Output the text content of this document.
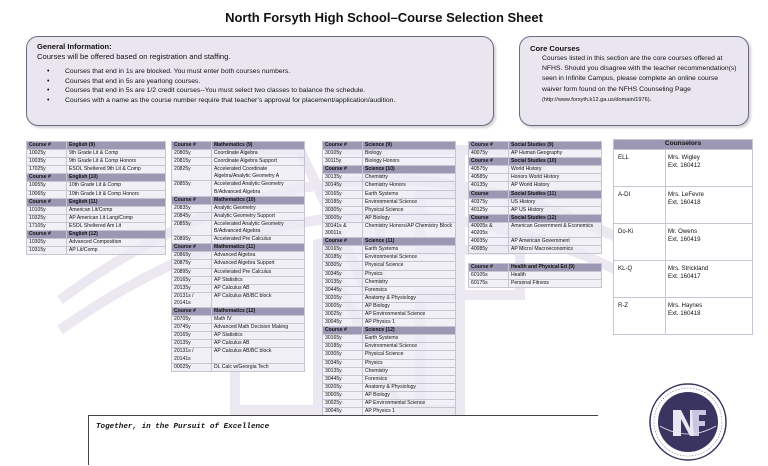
North Forsyth High School–Course Selection Sheet
General Information:
Courses will be offered based on registration and staffing.
• Courses that end in 1s are blocked. You must enter both courses numbers.
• Courses that end in 5s are yearlong courses.
• Courses that end in 5s are 1/2 credit courses--You must select two classes to balance the schedule.
• Courses with a name as the course number require that teacher’s approval for placement/application/audition.
Core Courses
Courses listed in this section are the core courses offered at NFHS. Should you disagree with the teacher recommendation(s) seen in Infinite Campus, please complete an online course waiver form found on the NFHS Counseling Page
(http://www.forsyth.k12.ga.us/domain/1976).
Course #	English (9)
10025y	9th Grade Lit & Comp
10035y	9th Grade Lit & Comp Honors
17025y	ESOL Sheltered 9th Lit & Comp
Course #	English (10)
10055y	10th Grade Lit & Comp
10065y	10th Grade Lit & Comp Honors
Course #	English (11)
10105y	American Lit/Comp
10325y	AP American Lit Lang/Comp
17105y	ESOL Sheltered Am Lit
Course #	English (12)
10305y	Advanced Composition
10315y	AP Lit/Comp
Course #	Mathematics (9)
20805y	Coordinate Algebra
20815y	Coordinate Algebra Support
20825y	Accelerated Coordinate Algebra/Analytic Geometry A
20855y	Accelerated Analytic Geometry B/Advanced Algebra
Course #	Mathematics (10)
20835y	Analytic Geometry
20845y	Analytic Geometry Support
20855y	Accelerated Analytic Geometry B/Advanced Algebra
20895y	Accelerated Pre Calculus
Course #	Mathematics (11)
20865y	Advanced Algebra
20875y	Advanced Algebra Support
20895y	Accelerated Pre Calculus
20165y	AP Statistics
20135y	AP Calculus AB
20131s / 20141s	AP Calculus AB/BC block
Course #	Mathematics (12)
20705y	Math IV
20745y	Advanced Math Decision Making
20165y	AP Statistics
20135y	AP Calculus AB
20131s / 20141s	AP Calculus AB/BC block
00025y	DL Calc w/Georgia Tech
Course #	Science (9)
30105y	Biology
30115y	Biology Honors
Course #	Science (10)
30135y	Chemistry
30145y	Chemistry Honors
30165y	Earth Systems
30185y	Environmental Science
30305y	Physical Science
30005y	AP Biology
30141s & 30011s	Chemistry Honors/AP Chemistry Block
Course #	Science (11)
30165y	Earth Systems
30185y	Environmental Science
30305y	Physical Science
30345y	Physics
30135y	Chemistry
30445y	Forensics
30205y	Anatomy & Physiology
30005y	AP Biology
30025y	AP Environmental Science
30045y	AP Physics 1
Course #	Science (12)
30165y	Earth Systems
30185y	Environmental Science
30305y	Physical Science
30345y	Physics
30135y	Chemistry
30445y	Forensics
30205y	Anatomy & Physiology
30005y	AP Biology
30025y	AP Environmental Science
30045y	AP Physics 1
Course #	Social Studies (9)
40075y	AP Human Geography
Course #	Social Studies (10)
40575y	World History
40585y	Honors World History
40135y	AP World History
Course	Social Studies (11)
40375y	US History
40125y	AP US History
Course	Social Studies (12)
40005s & 40205s	American Government & Economics
40035y	AP American Government
40085y	AP Micro/ Macroeconomics
Course #	Health and Physical Ed (9)
60105s	Health
60175s	Personal Fitness
Counselors	
ELL	Mrs. Wigley
Ext. 160412
A-DI	Mrs. LeFevre
Ext. 160418
Do-Ki	Mr. Owens
Ext. 160419
KL-Q	Mrs. Strickland
Ext. 160417
R-Z	Mrs. Haynes
Ext. 160418
Together, in the Pursuit of Excellence
